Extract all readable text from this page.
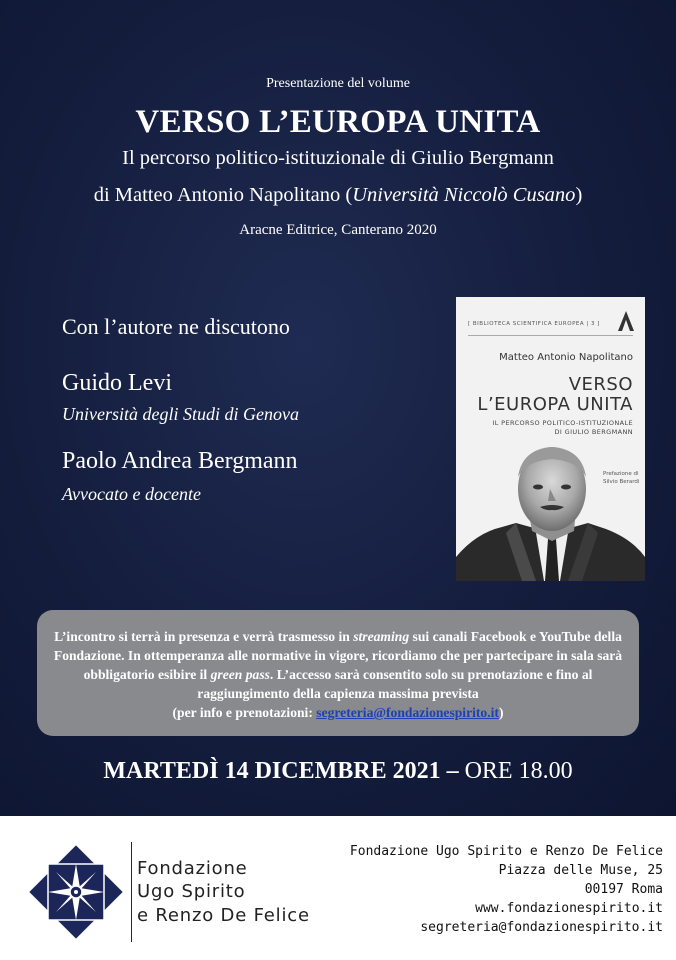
Presentazione del volume
VERSO L’EUROPA UNITA
Il percorso politico-istituzionale di Giulio Bergmann
di Matteo Antonio Napolitano (Università Niccolò Cusano)
Aracne Editrice, Canterano 2020
Con l’autore ne discutono
Guido Levi
Università degli Studi di Genova
Paolo Andrea Bergmann
Avvocato e docente
[ BIBLIOTECA SCIENTIFICA EUROPEA | 3 ]
Matteo Antonio Napolitano
VERSO
L’EUROPA UNITA
IL PERCORSO POLITICO-ISTITUZIONALE
DI GIULIO BERGMANN
Prefazione di
Silvio Berardi
L’incontro si terrà in presenza e verrà trasmesso in streaming sui canali Facebook e YouTube della Fondazione. In ottemperanza alle normative in vigore, ricordiamo che per partecipare in sala sarà obbligatorio esibire il green pass. L’accesso sarà consentito solo su prenotazione e fino al raggiungimento della capienza massima prevista
(per info e prenotazioni: segreteria@fondazionespirito.it)
MARTEDÌ 14 DICEMBRE 2021 – ORE 18.00
Fondazione
Ugo Spirito
e Renzo De Felice
Fondazione Ugo Spirito e Renzo De Felice
Piazza delle Muse, 25
00197 Roma
www.fondazionespirito.it
segreteria@fondazionespirito.it
